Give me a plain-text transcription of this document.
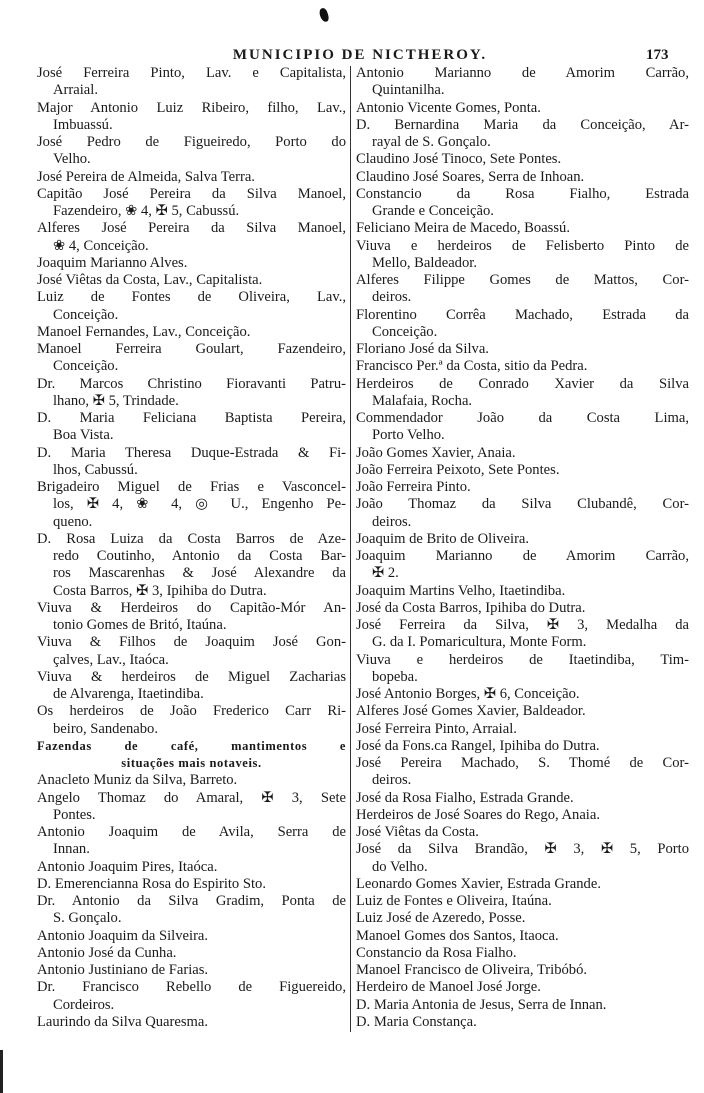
MUNICIPIO DE NICTHEROY.	173
José Ferreira Pinto, Lav. e Capitalista,
Arraial.
Major Antonio Luiz Ribeiro, filho, Lav.,
Imbuassú.
José Pedro de Figueiredo, Porto do
Velho.
José Pereira de Almeida, Salva Terra.
Capitão José Pereira da Silva Manoel,
Fazendeiro, ❀ 4, ✠ 5, Cabussú.
Alferes José Pereira da Silva Manoel,
❀ 4, Conceição.
Joaquim Marianno Alves.
José Viêtas da Costa, Lav., Capitalista.
Luiz de Fontes de Oliveira, Lav.,
Conceição.
Manoel Fernandes, Lav., Conceição.
Manoel Ferreira Goulart, Fazendeiro,
Conceição.
Dr. Marcos Christino Fioravanti Patru-
lhano, ✠ 5, Trindade.
D. Maria Feliciana Baptista Pereira,
Boa Vista.
D. Maria Theresa Duque-Estrada & Fi-
lhos, Cabussú.
Brigadeiro Miguel de Frias e Vasconcel-
los, ✠ 4, ❀ 4, ◎ U., Engenho Pe-
queno.
D. Rosa Luiza da Costa Barros de Aze-
redo Coutinho, Antonio da Costa Bar-
ros Mascarenhas & José Alexandre da
Costa Barros, ✠ 3, Ipihiba do Dutra.
Viuva & Herdeiros do Capitão-Mór An-
tonio Gomes de Britó, Itaúna.
Viuva & Filhos de Joaquim José Gon-
çalves, Lav., Itaóca.
Viuva & herdeiros de Miguel Zacharias
de Alvarenga, Itaetindiba.
Os herdeiros de João Frederico Carr Ri-
beiro, Sandenabo.
Fazendas de café, mantimentos e
situações mais notaveis.
Anacleto Muniz da Silva, Barreto.
Angelo Thomaz do Amaral, ✠ 3, Sete
Pontes.
Antonio Joaquim de Avila, Serra de
Innan.
Antonio Joaquim Pires, Itaóca.
D. Emerencianna Rosa do Espirito Sto.
Dr. Antonio da Silva Gradim, Ponta de
S. Gonçalo.
Antonio Joaquim da Silveira.
Antonio José da Cunha.
Antonio Justiniano de Farias.
Dr. Francisco Rebello de Figuereido,
Cordeiros.
Laurindo da Silva Quaresma.
Antonio Marianno de Amorim Carrão,
Quintanilha.
Antonio Vicente Gomes, Ponta.
D. Bernardina Maria da Conceição, Ar-
rayal de S. Gonçalo.
Claudino José Tinoco, Sete Pontes.
Claudino José Soares, Serra de Inhoan.
Constancio da Rosa Fialho, Estrada
Grande e Conceição.
Feliciano Meira de Macedo, Boassú.
Viuva e herdeiros de Felisberto Pinto de
Mello, Baldeador.
Alferes Filippe Gomes de Mattos, Cor-
deiros.
Florentino Corrêa Machado, Estrada da
Conceição.
Floriano José da Silva.
Francisco Per.ª da Costa, sitio da Pedra.
Herdeiros de Conrado Xavier da Silva
Malafaia, Rocha.
Commendador João da Costa Lima,
Porto Velho.
João Gomes Xavier, Anaia.
João Ferreira Peixoto, Sete Pontes.
João Ferreira Pinto.
João Thomaz da Silva Clubandê, Cor-
deiros.
Joaquim de Brito de Oliveira.
Joaquim Marianno de Amorim Carrão,
✠ 2.
Joaquim Martins Velho, Itaetindiba.
José da Costa Barros, Ipihiba do Dutra.
José Ferreira da Silva, ✠ 3, Medalha da
G. da I. Pomaricultura, Monte Form.
Viuva e herdeiros de Itaetindiba, Tim-
bopeba.
José Antonio Borges, ✠ 6, Conceição.
Alferes José Gomes Xavier, Baldeador.
José Ferreira Pinto, Arraial.
José da Fons.ca Rangel, Ipihiba do Dutra.
José Pereira Machado, S. Thomé de Cor-
deiros.
José da Rosa Fialho, Estrada Grande.
Herdeiros de José Soares do Rego, Anaia.
José Viêtas da Costa.
José da Silva Brandão, ✠ 3, ✠ 5, Porto
do Velho.
Leonardo Gomes Xavier, Estrada Grande.
Luiz de Fontes e Oliveira, Itaúna.
Luiz José de Azeredo, Posse.
Manoel Gomes dos Santos, Itaoca.
Constancio da Rosa Fialho.
Manoel Francisco de Oliveira, Tribóbó.
Herdeiro de Manoel José Jorge.
D. Maria Antonia de Jesus, Serra de Innan.
D. Maria Constança.
